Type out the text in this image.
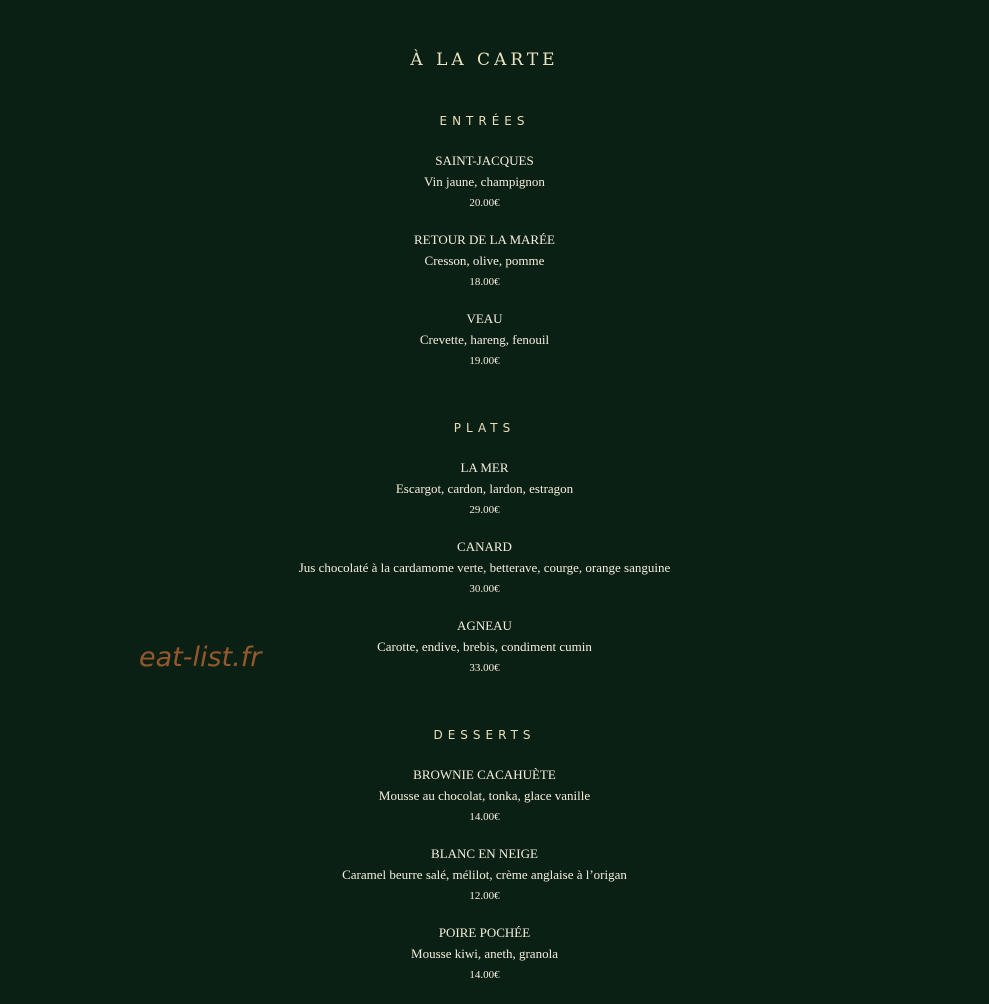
À LA CARTE
ENTRÉES
SAINT-JACQUES
Vin jaune, champignon
20.00€
RETOUR DE LA MARÉE
Cresson, olive, pomme
18.00€
VEAU
Crevette, hareng, fenouil
19.00€
PLATS
LA MER
Escargot, cardon, lardon, estragon
29.00€
CANARD
Jus chocolaté à la cardamome verte, betterave, courge, orange sanguine
30.00€
AGNEAU
Carotte, endive, brebis, condiment cumin
33.00€
DESSERTS
BROWNIE CACAHUÈTE
Mousse au chocolat, tonka, glace vanille
14.00€
BLANC EN NEIGE
Caramel beurre salé, mélilot, crème anglaise à l’origan
12.00€
POIRE POCHÉE
Mousse kiwi, aneth, granola
14.00€
eat-list.fr
